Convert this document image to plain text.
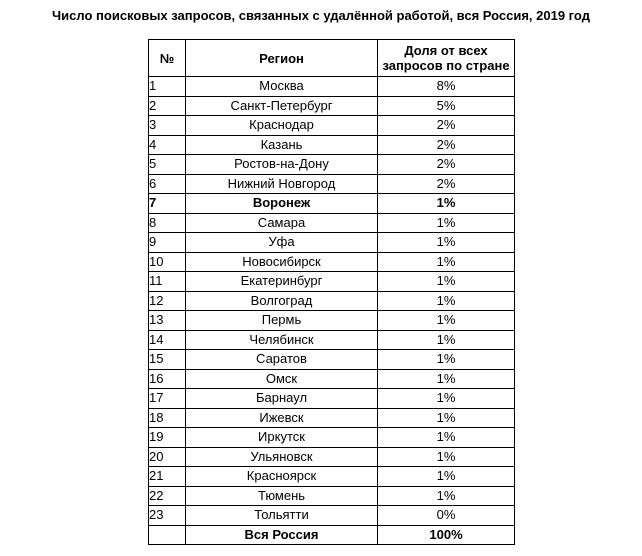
Число поисковых запросов, связанных с удалённой работой, вся Россия, 2019 год
№	Регион	Доля от всех запросов по стране
1	Москва	8%
2	Санкт-Петербург	5%
3	Краснодар	2%
4	Казань	2%
5	Ростов-на-Дону	2%
6	Нижний Новгород	2%
7	Воронеж	1%
8	Самара	1%
9	Уфа	1%
10	Новосибирск	1%
11	Екатеринбург	1%
12	Волгоград	1%
13	Пермь	1%
14	Челябинск	1%
15	Саратов	1%
16	Омск	1%
17	Барнаул	1%
18	Ижевск	1%
19	Иркутск	1%
20	Ульяновск	1%
21	Красноярск	1%
22	Тюмень	1%
23	Тольятти	0%
	Вся Россия	100%
